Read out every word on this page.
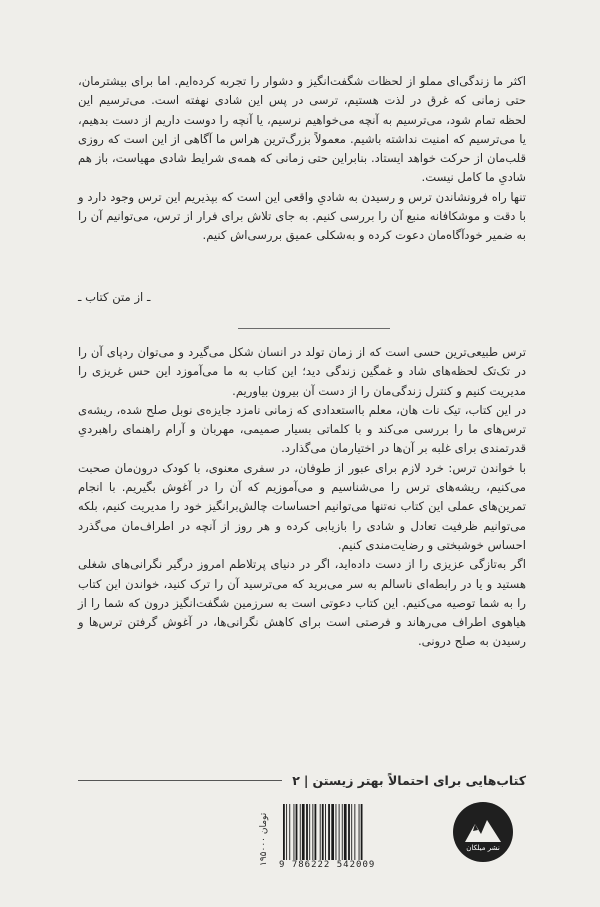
اکثر ما زندگی‌ای مملو از لحظات شگفت‌انگیز و دشوار را تجربه کرده‌ایم. اما برای بیشترمان، حتی زمانی که غرق در لذت هستیم، ترسی در پس این شادی نهفته است. می‌ترسیم این لحظه تمام شود، می‌ترسیم به آنچه می‌خواهیم نرسیم، یا آنچه را دوست داریم از دست بدهیم، یا می‌ترسیم که امنیت نداشته باشیم. معمولاً بزرگ‌ترین هراس ما آگاهی از این است که روزی قلب‌مان از حرکت خواهد ایستاد. بنابراین حتی زمانی که همه‌ی شرایط شادی مهیاست، باز هم شادیِ ما کامل نیست.

تنها راه فرونشاندن ترس و رسیدن به شادیِ واقعی این است که بپذیریم این ترس وجود دارد و با دقت و موشکافانه منبع آن را بررسی کنیم. به جای تلاش برای فرار از ترس، می‌توانیم آن را به ضمیر خودآگاه‌مان دعوت کرده و به‌شکلی عمیق بررسی‌اش کنیم.

ـ از متن کتاب ـ

ترس طبیعی‌ترین حسی است که از زمان تولد در انسان شکل می‌گیرد و می‌توان ردپای آن را در تک‌تک لحظه‌های شاد و غمگین زندگی دید؛ این کتاب به ما می‌آموزد این حس غریزی را مدیریت کنیم و کنترل زندگی‌مان را از دست آن بیرون بیاوریم.

در این کتاب، تیک نات هان، معلم بااستعدادی که زمانی نامزد جایزه‌ی نوبل صلح شده، ریشه‌ی ترس‌های ما را بررسی می‌کند و با کلماتی بسیار صمیمی، مهربان و آرام راهنمای راهبردیِ قدرتمندی برای غلبه بر آن‌ها در اختیارمان می‌گذارد.

با خواندن ترس: خرد لازم برای عبور از طوفان، در سفری معنوی، با کودک درون‌مان صحبت می‌کنیم، ریشه‌های ترس را می‌شناسیم و می‌آموزیم که آن را در آغوش بگیریم. با انجام تمرین‌های عملی این کتاب نه‌تنها می‌توانیم احساسات چالش‌برانگیز خود را مدیریت کنیم، بلکه می‌توانیم ظرفیت تعادل و شادی را بازیابی کرده و هر روز از آنچه در اطراف‌مان می‌گذرد احساس خوشبختی و رضایت‌مندی کنیم.

اگر به‌تازگی عزیزی را از دست داده‌اید، اگر در دنیای پرتلاطم امروز درگیر نگرانی‌های شغلی هستید و یا در رابطه‌ای ناسالم به سر می‌برید که می‌ترسید آن را ترک کنید، خواندن این کتاب را به شما توصیه می‌کنیم. این کتاب دعوتی است به سرزمین شگفت‌انگیز درون که شما را از هیاهوی اطراف می‌رهاند و فرصتی است برای کاهش نگرانی‌ها، در آغوش گرفتن ترس‌ها و رسیدن به صلح درونی.

کتاب‌هایی برای احتمالاً بهتر زیستن
|
۲
۱۹۵۰۰۰ تومان
9 786222 542009
نشر میلکان
